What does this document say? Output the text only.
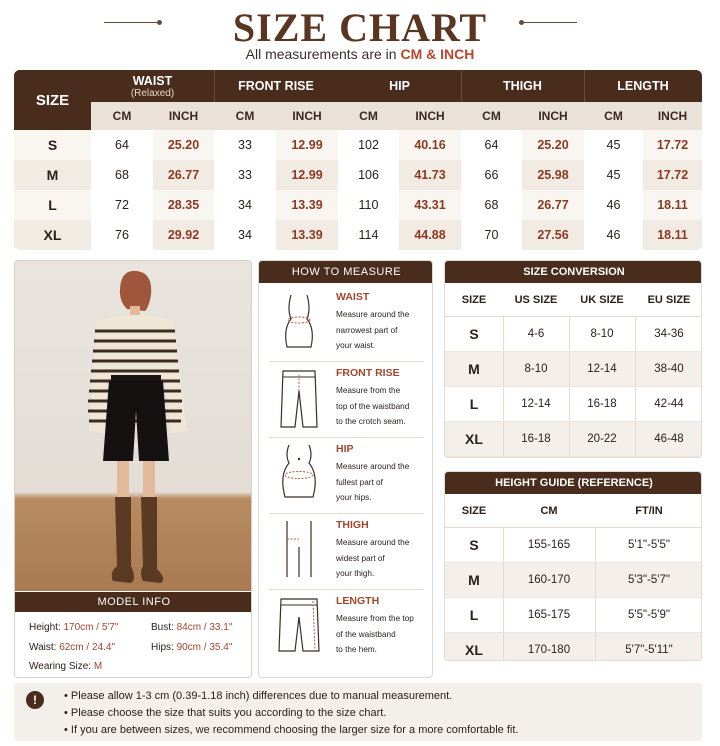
SIZE CHART
All measurements are in CM & INCH
WAIST
(Relaxed)	FRONT RISE	HIP	THIGH	LENGTH
CM	INCH	CM	INCH	CM	INCH	CM	INCH	CM	INCH
SIZE
S	64	25.20	33	12.99	102	40.16	64	25.20	45	17.72
M	68	26.77	33	12.99	106	41.73	66	25.98	45	17.72
L	72	28.35	34	13.39	110	43.31	68	26.77	46	18.11
XL	76	29.92	34	13.39	114	44.88	70	27.56	46	18.11
MODEL INFO
Height: 170cm / 5'7"	Bust: 84cm / 33.1"
Waist: 62cm / 24.4"	Hips: 90cm / 35.4"
Wearing Size: M
HOW TO MEASURE
WAIST
Measure around the
narrowest part of
your waist.
FRONT RISE
Measure from the
top of the waistband
to the crotch seam.
HIP
Measure around the
fullest part of
your hips.
THIGH
Measure around the
widest part of
your thigh.
LENGTH
Measure from the top
of the waistband
to the hem.
SIZE CONVERSION
SIZE	US SIZE	UK SIZE	EU SIZE
S	4-6	8-10	34-36
M	8-10	12-14	38-40
L	12-14	16-18	42-44
XL	16-18	20-22	46-48
HEIGHT GUIDE (REFERENCE)
SIZE	CM	FT/IN
S	155-165	5'1"-5'5"
M	160-170	5'3"-5'7"
L	165-175	5'5"-5'9"
XL	170-180	5'7"-5'11"
!	• Please allow 1-3 cm (0.39-1.18 inch) differences due to manual measurement.
• Please choose the size that suits you according to the size chart.
• If you are between sizes, we recommend choosing the larger size for a more comfortable fit.
